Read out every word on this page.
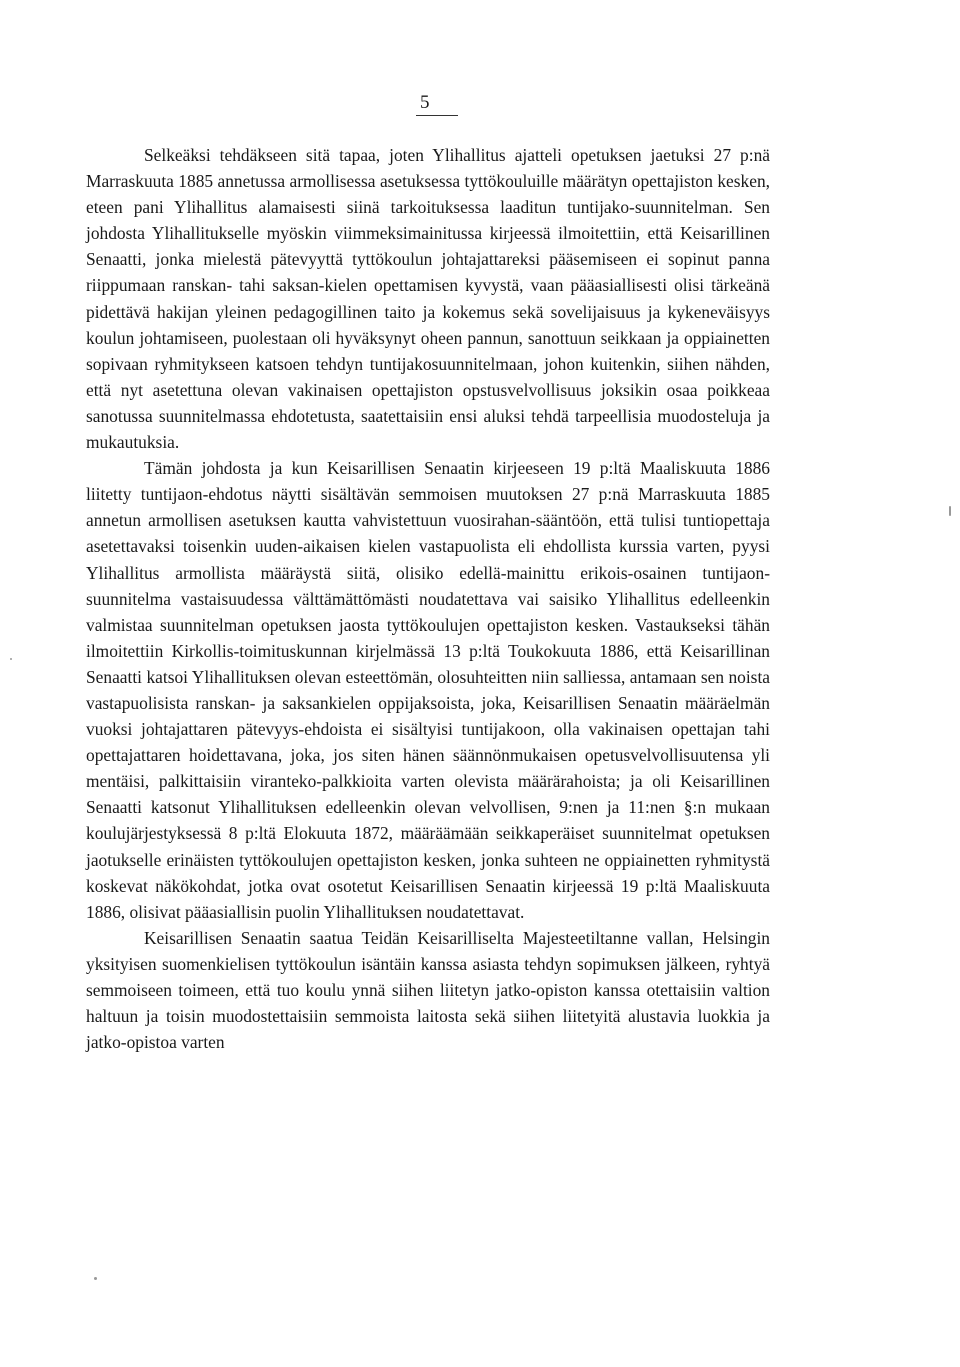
5

Selkeäksi tehdäkseen sitä tapaa, joten Ylihallitus ajatteli opetuksen jaetuksi 27 p:nä Marraskuuta 1885 annetussa armollisessa asetuksessa tyttökouluille määrätyn opettajiston kesken, eteen pani Ylihallitus alamaisesti siinä tarkoituksessa laaditun tuntijako-suunnitelman. Sen johdosta Ylihallitukselle myöskin viimmeksimainitussa kirjeessä ilmoitettiin, että Keisarillinen Senaatti, jonka mielestä pätevyyttä tyttökoulun johtajattareksi pääsemiseen ei sopinut panna riippumaan ranskan- tahi saksan-kielen opettamisen kyvystä, vaan pääasiallisesti olisi tärkeänä pidettävä hakijan yleinen pedagogillinen taito ja kokemus sekä sovelijaisuus ja kykeneväisyys koulun johtamiseen, puolestaan oli hyväksynyt oheen pannun, sanottuun seikkaan ja oppiainetten sopivaan ryhmitykseen katsoen tehdyn tuntijakosuunnitelmaan, johon kuitenkin, siihen nähden, että nyt asetettuna olevan vakinaisen opettajiston opstusvelvollisuus joksikin osaa poikkeaa sanotussa suunnitelmassa ehdotetusta, saatettaisiin ensi aluksi tehdä tarpeellisia muodosteluja ja mukautuksia.

Tämän johdosta ja kun Keisarillisen Senaatin kirjeeseen 19 p:ltä Maaliskuuta 1886 liitetty tuntijaon-ehdotus näytti sisältävän semmoisen muutoksen 27 p:nä Marraskuuta 1885 annetun armollisen asetuksen kautta vahvistettuun vuosirahan-sääntöön, että tulisi tuntiopettaja asetettavaksi toisenkin uuden-aikaisen kielen vastapuolista eli ehdollista kurssia varten, pyysi Ylihallitus armollista määräystä siitä, olisiko edellä-mainittu erikois-osainen tuntijaon-suunnitelma vastaisuudessa välttämättömästi noudatettava vai saisiko Ylihallitus edelleenkin valmistaa suunnitelman opetuksen jaosta tyttökoulujen opettajiston kesken. Vastaukseksi tähän ilmoitettiin Kirkollis-toimituskunnan kirjelmässä 13 p:ltä Toukokuuta 1886, että Keisarillinan Senaatti katsoi Ylihallituksen olevan esteettömän, olosuhteitten niin salliessa, antamaan sen noista vastapuolisista ranskan- ja saksankielen oppijaksoista, joka, Keisarillisen Senaatin määräelmän vuoksi johtajattaren pätevyys-ehdoista ei sisältyisi tuntijakoon, olla vakinaisen opettajan tahi opettajattaren hoidettavana, joka, jos siten hänen säännönmukaisen opetusvelvollisuutensa yli mentäisi, palkittaisiin viranteko-palkkioita varten olevista määrärahoista; ja oli Keisarillinen Senaatti katsonut Ylihallituksen edelleenkin olevan velvollisen, 9:nen ja 11:nen §:n mukaan koulujärjestyksessä 8 p:ltä Elokuuta 1872, määräämään seikkaperäiset suunnitelmat opetuksen jaotukselle erinäisten tyttökoulujen opettajiston kesken, jonka suhteen ne oppiainetten ryhmitystä koskevat näkökohdat, jotka ovat osotetut Keisarillisen Senaatin kirjeessä 19 p:ltä Maaliskuuta 1886, olisivat pääasiallisin puolin Ylihallituksen noudatettavat.

Keisarillisen Senaatin saatua Teidän Keisarilliselta Majesteetiltanne vallan, Helsingin yksityisen suomenkielisen tyttökoulun isäntäin kanssa asiasta tehdyn sopimuksen jälkeen, ryhtyä semmoiseen toimeen, että tuo koulu ynnä siihen liitetyn jatko-opiston kanssa otettaisiin valtion haltuun ja toisin muodostettaisiin semmoista laitosta sekä siihen liitetyitä alustavia luokkia ja jatko-opistoa varten
